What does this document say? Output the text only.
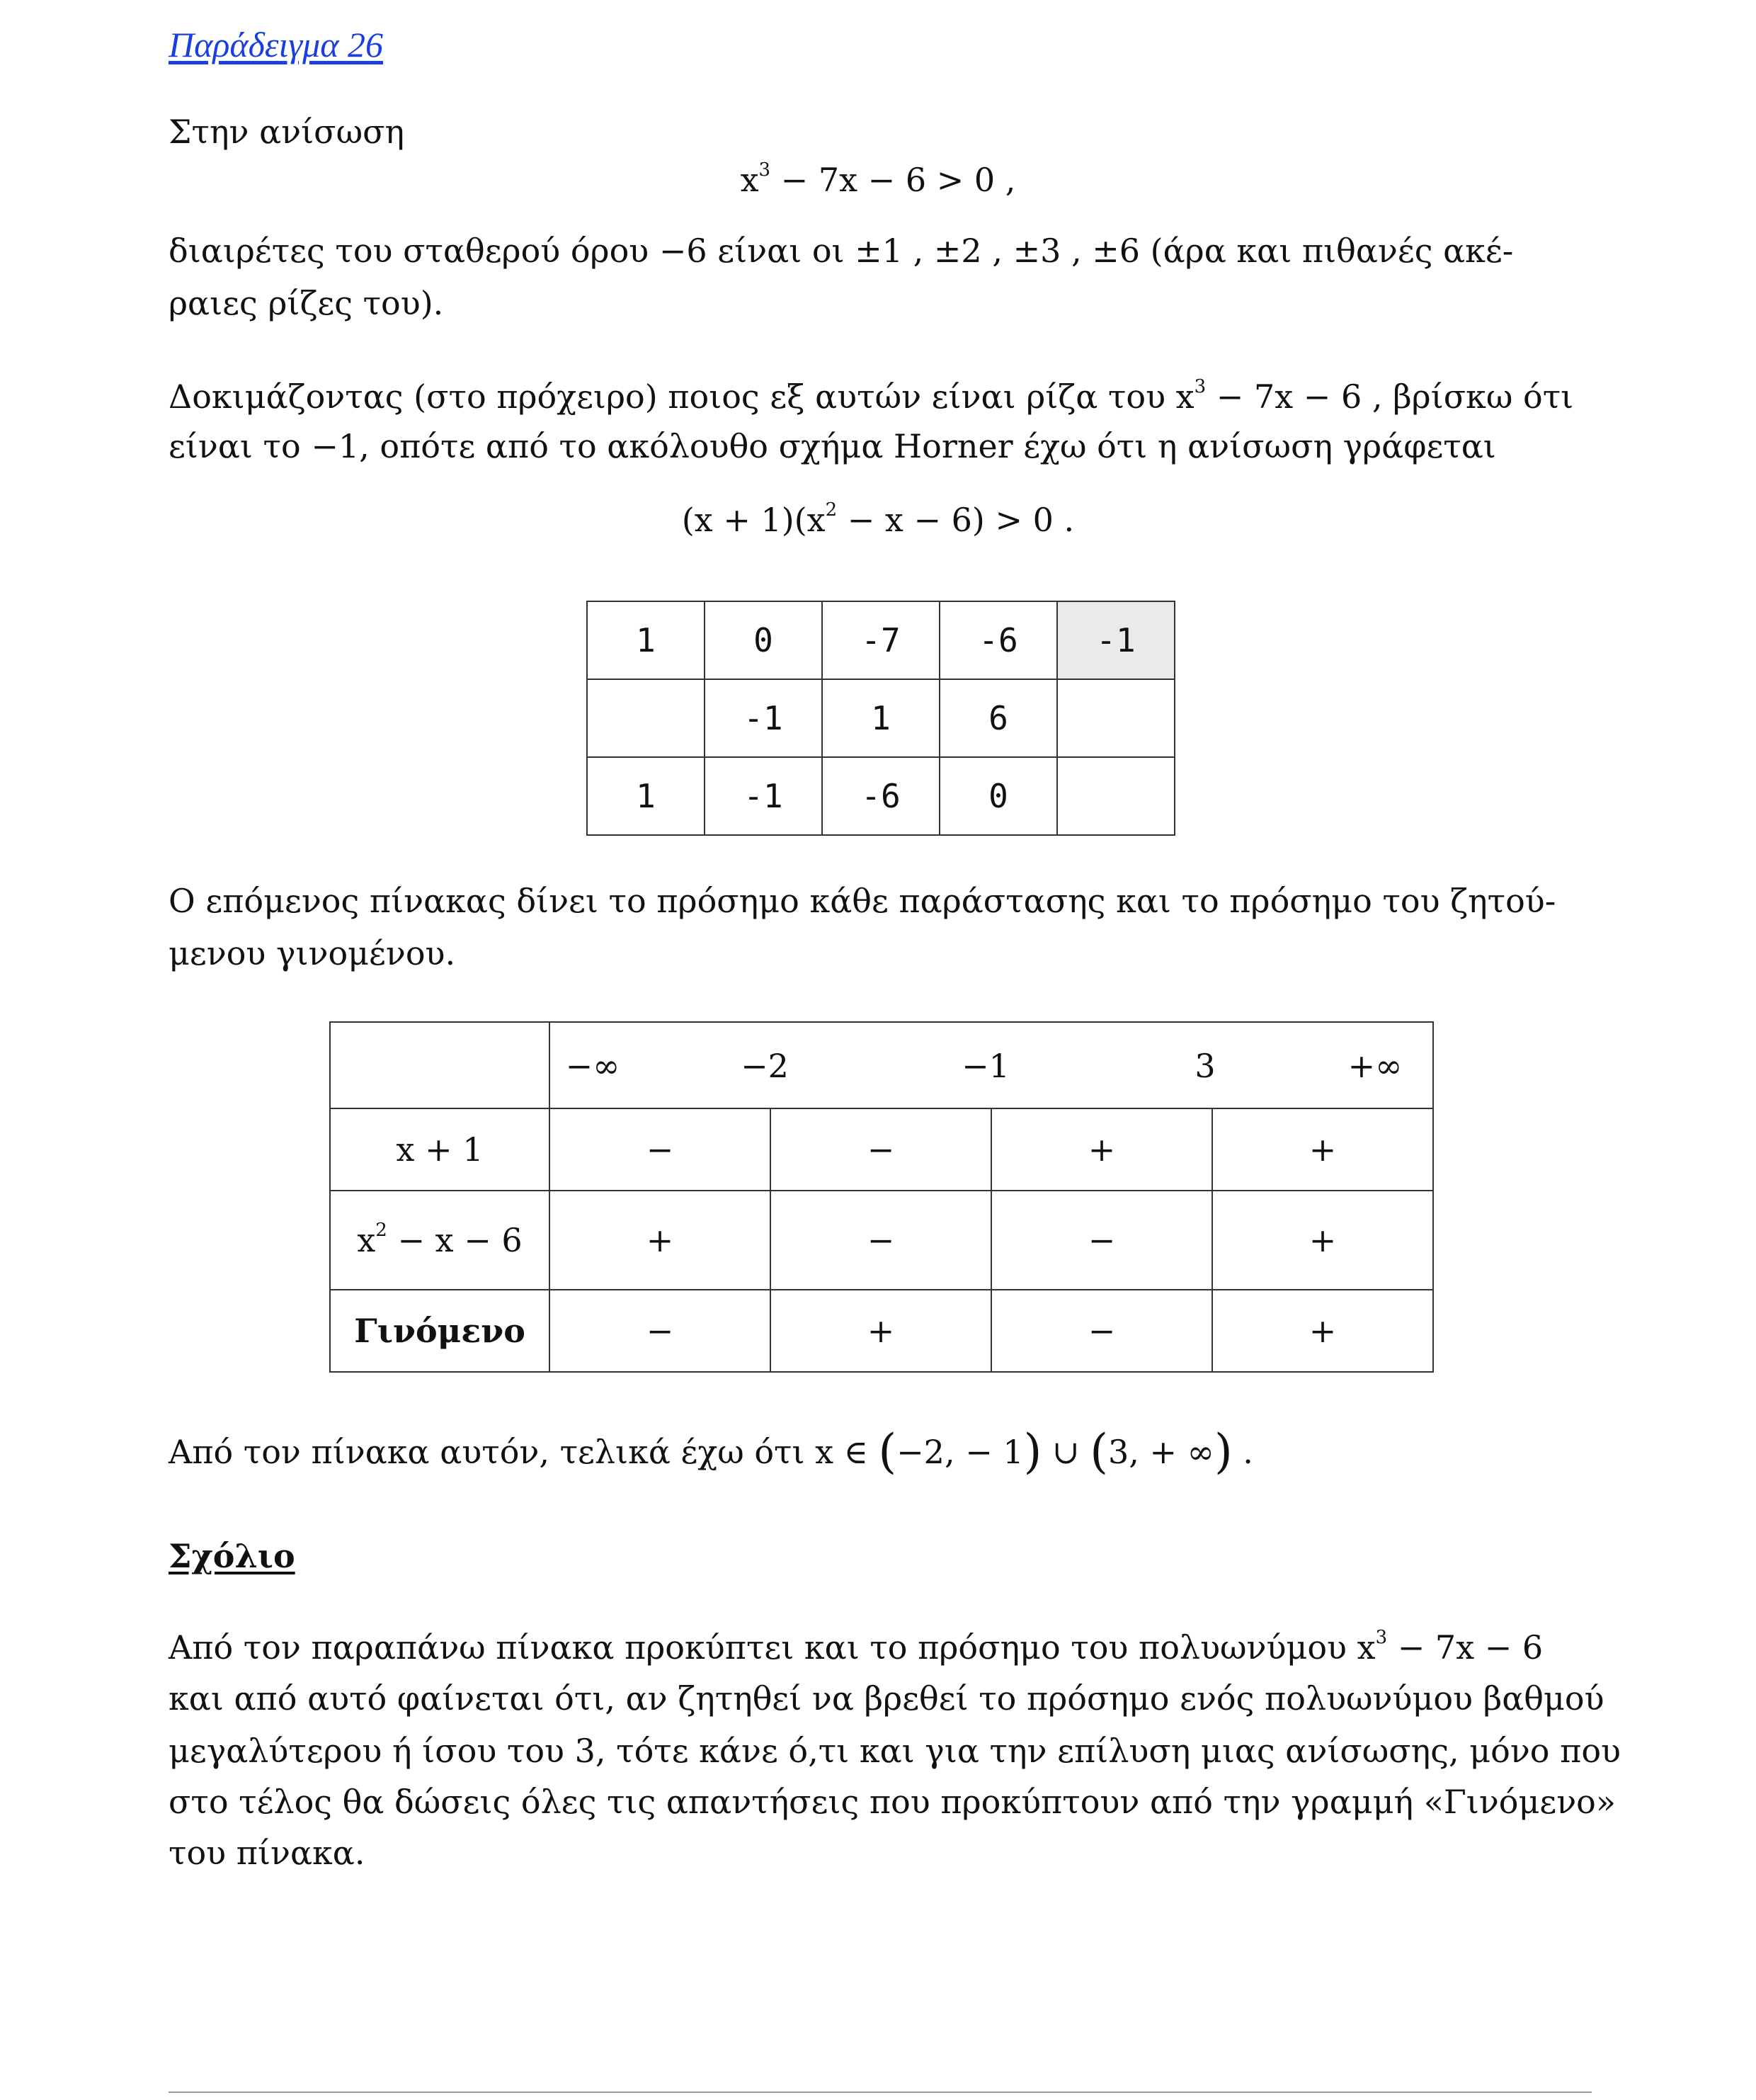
Παράδειγμα 26
Στην ανίσωση
$x^3 - 7x - 6 > 0$ ,
διαιρέτες του σταθερού όρου −6 είναι οι ±1 , ±2 , ±3 , ±6 (άρα και πιθανές ακέ-
ραιες ρίζες του).
Δοκιμάζοντας (στο πρόχειρο) ποιος εξ αυτών είναι ρίζα του $x^3 - 7x - 6$ , βρίσκω ότι
είναι το −1, οπότε από το ακόλουθο σχήμα Horner έχω ότι η ανίσωση γράφεται
$(x + 1)(x^2 - x - 6) > 0$ .
1	0	-7	-6	-1
	-1	1	6	
1	-1	-6	0	
Ο επόμενος πίνακας δίνει το πρόσημο κάθε παράστασης και το πρόσημο του ζητού-
μενου γινομένου.

	−∞ −2 −1 3 +∞			

x + 1	−	−	+	+
$x^2 - x - 6$	+	−	−	+
Γινόμενο	−	+	−	+
Από τον πίνακα αυτόν, τελικά έχω ότι x ∈ (−2, − 1) ∪ (3, + ∞) .
Σχόλιο
Από τον παραπάνω πίνακα προκύπτει και το πρόσημο του πολυωνύμου $x^3 - 7x - 6$
και από αυτό φαίνεται ότι, αν ζητηθεί να βρεθεί το πρόσημο ενός πολυωνύμου βαθμού
μεγαλύτερου ή ίσου του 3, τότε κάνε ό,τι και για την επίλυση μιας ανίσωσης, μόνο που
στο τέλος θα δώσεις όλες τις απαντήσεις που προκύπτουν από την γραμμή «Γινόμενο»
του πίνακα.
